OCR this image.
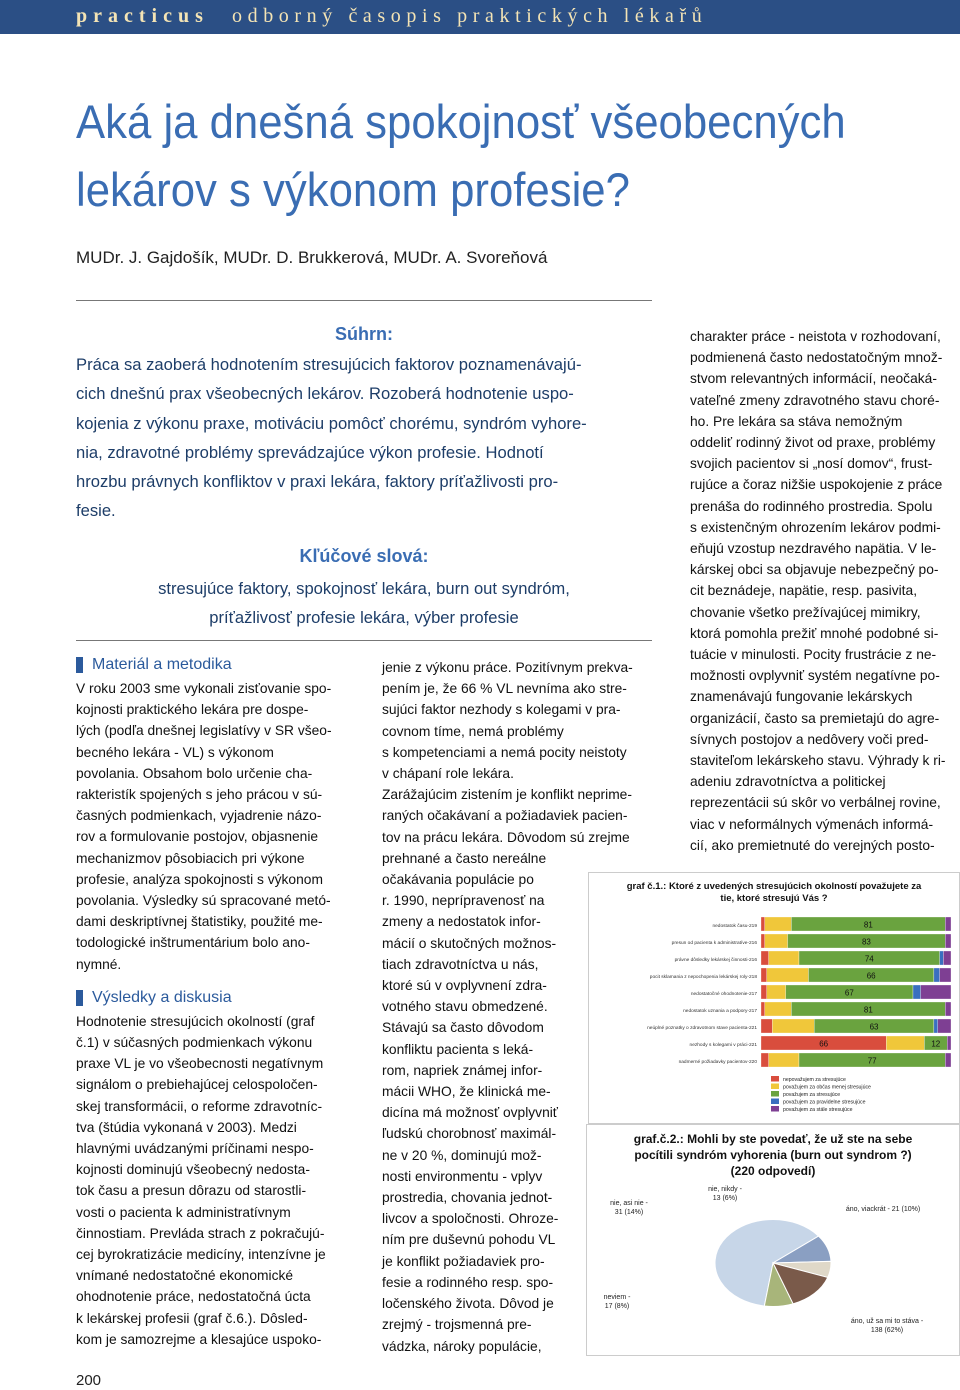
practicus odborný časopis praktických lékařů
Aká ja dnešná spokojnosť všeobecných
lekárov s výkonom profesie?
MUDr. J. Gajdošík, MUDr. D. Brukkerová, MUDr. A. Svoreňová
Súhrn:

Práca sa zaoberá hodnotením stresujúcich faktorov poznamenávajú-

cich dnešnú prax všeobecných lekárov. Rozoberá hodnotenie uspo-

kojenia z výkonu praxe, motiváciu pomôcť chorému, syndróm vyhore-

nia, zdravotné problémy sprevádzajúce výkon profesie. Hodnotí

hrozbu právnych konfliktov v praxi lekára, faktory príťažlivosti pro-

fesie.

Kľúčové slová:

stresujúce faktory, spokojnosť lekára, burn out syndróm,

príťažlivosť profesie lekára, výber profesie

Materiál a metodika

V roku 2003 sme vykonali zisťovanie spo-

kojnosti praktického lekára pre dospe-

lých (podľa dnešnej legislatívy v SR všeo-

becného lekára - VL) s výkonom

povolania. Obsahom bolo určenie cha-

rakteristík spojených s jeho prácou v sú-

časných podmienkach, vyjadrenie názo-

rov a formulovanie postojov, objasnenie

mechanizmov pôsobiacich pri výkone

profesie, analýza spokojnosti s výkonom

povolania. Výsledky sú spracované metó-

dami deskriptívnej štatistiky, použité me-

todologické inštrumentárium bolo ano-

nymné.

Výsledky a diskusia

Hodnotenie stresujúcich okolností (graf

č.1) v súčasných podmienkach výkonu

praxe VL je vo všeobecnosti negatívnym

signálom o prebiehajúcej celospoločen-

skej transformácii, o reforme zdravotníc-

tva (štúdia vykonaná v 2003). Medzi

hlavnými uvádzanými príčinami nespo-

kojnosti dominujú všeobecný nedosta-

tok času a presun dôrazu od starostli-

vosti o pacienta k administratívnym

činnostiam. Prevláda strach z pokračujú-

cej byrokratizácie medicíny, intenzívne je

vnímané nedostatočné ekonomické

ohodnotenie práce, nedostatočná úcta

k lekárskej profesii (graf č.6.). Dôsled-

kom je samozrejme a klesajúce uspoko-

jenie z výkonu práce. Pozitívnym prekva-

pením je, že 66 % VL nevníma ako stre-

sujúci faktor nezhody s kolegami v pra-

covnom tíme, nemá problémy

s kompetenciami a nemá pocity neistoty

v chápaní role lekára.

Zarážajúcim zistením je konflikt neprime-

raných očakávaní a požiadaviek pacien-

tov na prácu lekára. Dôvodom sú zrejme

prehnané a často nereálne

očakávania populácie po

r. 1990, neprípravenosť na

zmeny a nedostatok infor-

mácií o skutočných možnos-

tiach zdravotníctva u nás,

ktoré sú v ovplyvnení zdra-

votného stavu obmedzené.

Stávajú sa často dôvodom

konfliktu pacienta s leká-

rom, napriek známej infor-

mácii WHO, že klinická me-

dicína má možnosť ovplyvniť

ľudskú chorobnosť maximál-

ne v 20 %, dominujú mož-

nosti environmentu - vplyv

prostredia, chovania jednot-

livcov a spoločnosti. Ohroze-

ním pre duševnú pohodu VL

je konflikt požiadaviek pro-

fesie a rodinného resp. spo-

ločenského života. Dôvod je

zrejmý - trojsmenná pre-

vádzka, nároky populácie,

charakter práce - neistota v rozhodovaní,

podmienená často nedostatočným množ-

stvom relevantných informácií, neočaká-

vateľné zmeny zdravotného stavu choré-

ho. Pre lekára sa stáva nemožným

oddeliť rodinný život od praxe, problémy

svojich pacientov si „nosí domov“, frust-

rujúce a čoraz nižšie uspokojenie z práce

prenáša do rodinného prostredia. Spolu

s existenčným ohrozením lekárov podmi-

eňujú vzostup nezdravého napätia. V le-

kárskej obci sa objavuje nebezpečný po-

cit beznádeje, napätie, resp. pasivita,

chovanie všetko prežívajúcej mimikry,

ktorá pomohla prežiť mnohé podobné si-

tuácie v minulosti. Pocity frustrácie z ne-

možnosti ovplyvniť systém negatívne po-

znamenávajú fungovanie lekárskych

organizácií, často sa premietajú do agre-

sívnych postojov a nedôvery voči pred-

staviteľom lekárskeho stavu. Výhrady k ri-

adeniu zdravotníctva a politickej

reprezentácii sú skôr vo verbálnej rovine,

viac v neformálnych výmenách informá-

cií, ako premietnuté do verejných posto-

graf č.1.: Ktoré z uvedených stresujúcich okolností považujete za
tie, ktoré stresujú Vás ?
nedostatok času-219	81
presun od pacienta k administratíve-216	83
právne dôsledky lekárskej činnosti-216	74
pocit sklamania z nepochopenia lekárskej roly-218	66
nedostatočné ohodnotenie-217	67
nedostatok uznania a podpory-217	81
neúplné poznatky o zdravotnom stave pacienta-221	63
nezhody s kolegami v práci-221	66	12
nadmerné požiadavky pacientov-220	77
nepovažujem za stresujúce
považujem za občas menej stresujúce
považujem za stresujúce
považujem za pravidelne stresujúce
považujem za stále stresujúce
graf.č.2.: Mohli by ste povedať, že už ste na sebe
pocítili syndróm vyhorenia (burn out syndrom ?)
(220 odpovedí)
áno, už sa mi to stáva -
138 (62%)
áno, viackrát - 21 (10%)
nie, nikdy -
13 (6%)
nie, asi nie -
31 (14%)
neviem -
17 (8%)
200
